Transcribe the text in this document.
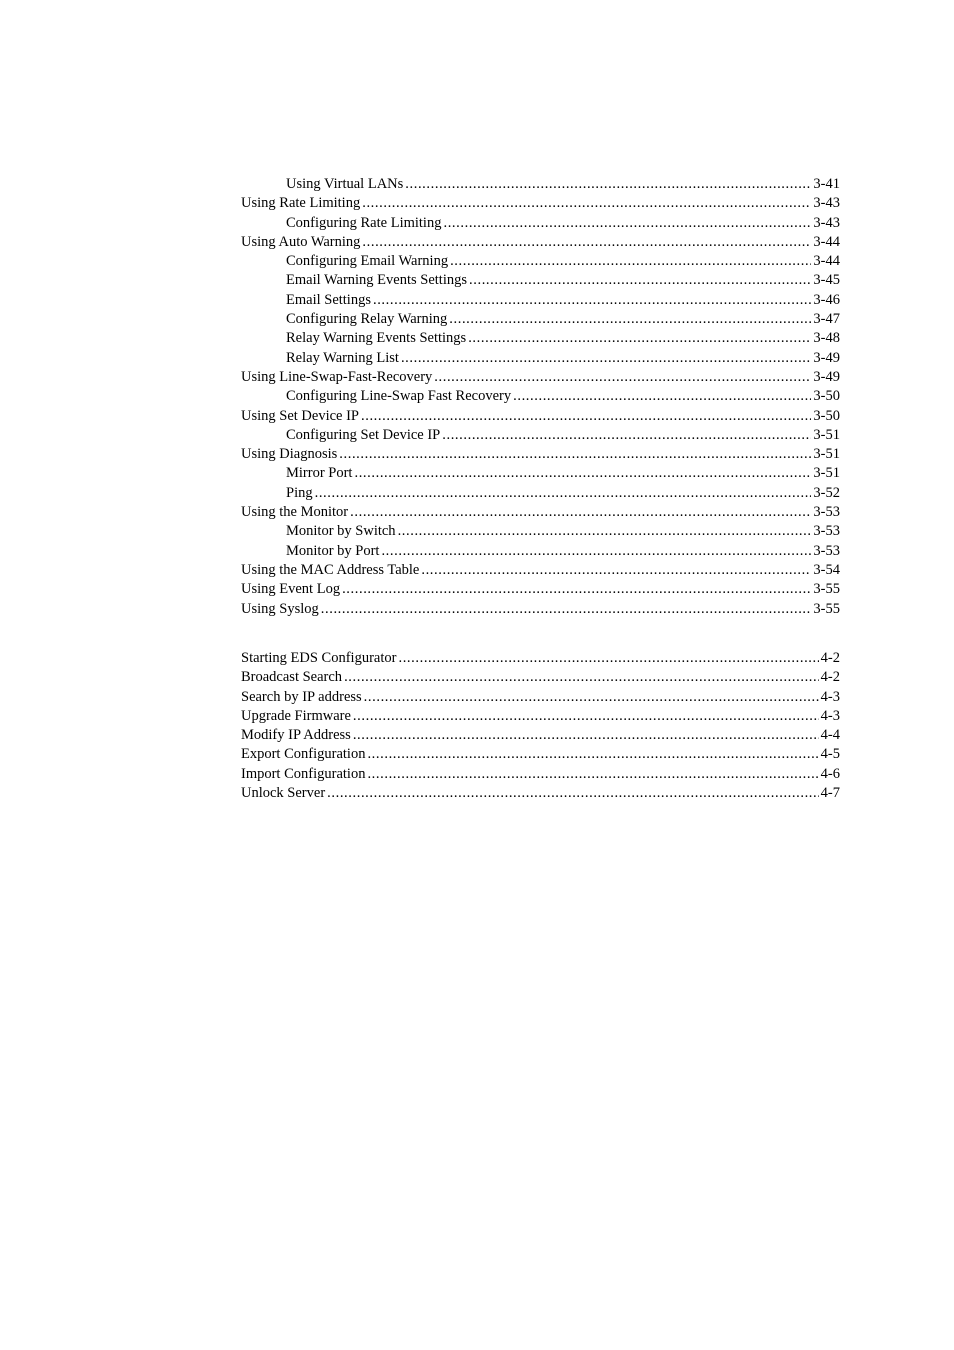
Using Virtual LANs .....	3-41
Using Rate Limiting .....	3-43
Configuring Rate Limiting .....	3-43
Using Auto Warning .....	3-44
Configuring Email Warning .....	3-44
Email Warning Events Settings .....	3-45
Email Settings .....	3-46
Configuring Relay Warning .....	3-47
Relay Warning Events Settings .....	3-48
Relay Warning List .....	3-49
Using Line-Swap-Fast-Recovery .....	3-49
Configuring Line-Swap Fast Recovery .....	3-50
Using Set Device IP .....	3-50
Configuring Set Device IP .....	3-51
Using Diagnosis .....	3-51
Mirror Port .....	3-51
Ping .....	3-52
Using the Monitor .....	3-53
Monitor by Switch .....	3-53
Monitor by Port .....	3-53
Using the MAC Address Table .....	3-54
Using Event Log .....	3-55
Using Syslog .....	3-55
Starting EDS Configurator .....	4-2
Broadcast Search .....	4-2
Search by IP address .....	4-3
Upgrade Firmware .....	4-3
Modify IP Address .....	4-4
Export Configuration .....	4-5
Import Configuration .....	4-6
Unlock Server .....	4-7
